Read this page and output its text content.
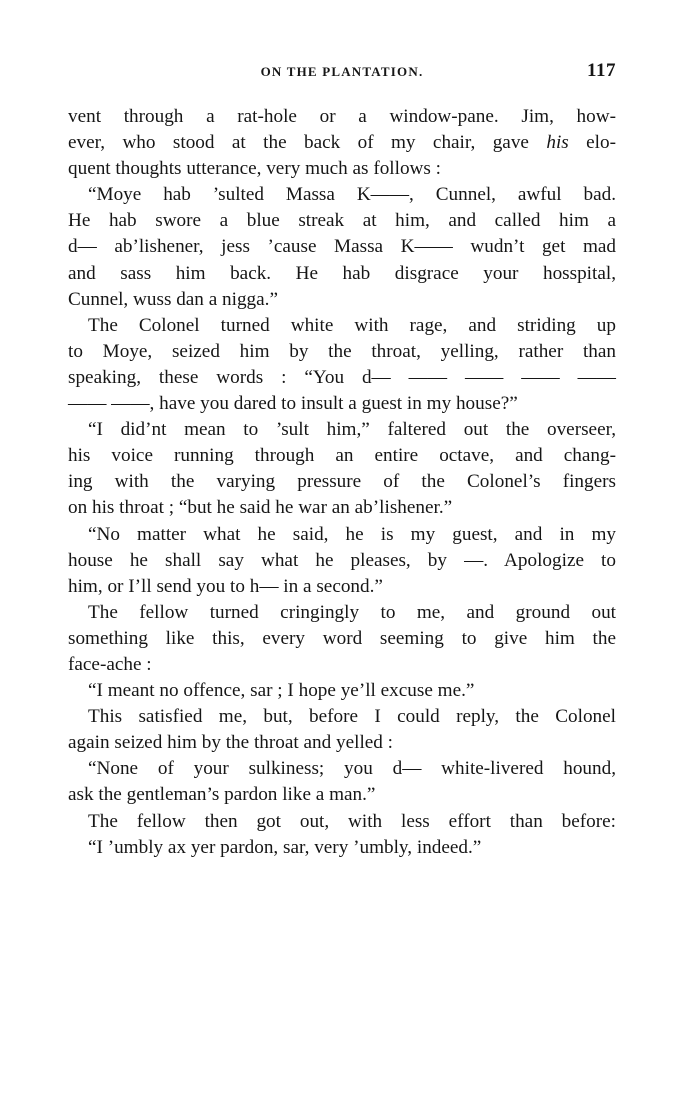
ON THE PLANTATION.	117
vent through a rat-hole or a window-pane. Jim, how-
ever, who stood at the back of my chair, gave his elo-
quent thoughts utterance, very much as follows :
“Moye hab ’sulted Massa K——, Cunnel, awful bad.
He hab swore a blue streak at him, and called him a
d— ab’lishener, jess ’cause Massa K—— wudn’t get mad
and sass him back. He hab disgrace your hosspital,
Cunnel, wuss dan a nigga.”
The Colonel turned white with rage, and striding up
to Moye, seized him by the throat, yelling, rather than
speaking, these words : “You d— —— —— —— ——
—— ——, have you dared to insult a guest in my house?”
“I did’nt mean to ’sult him,” faltered out the overseer,
his voice running through an entire octave, and chang-
ing with the varying pressure of the Colonel’s fingers
on his throat ; “but he said he war an ab’lishener.”
“No matter what he said, he is my guest, and in my
house he shall say what he pleases, by —. Apologize to
him, or I’ll send you to h— in a second.”
The fellow turned cringingly to me, and ground out
something like this, every word seeming to give him the
face-ache :
“I meant no offence, sar ; I hope ye’ll excuse me.”
This satisfied me, but, before I could reply, the Colonel
again seized him by the throat and yelled :
“None of your sulkiness; you d— white-livered hound,
ask the gentleman’s pardon like a man.”
The fellow then got out, with less effort than before:
“I ’umbly ax yer pardon, sar, very ’umbly, indeed.”
